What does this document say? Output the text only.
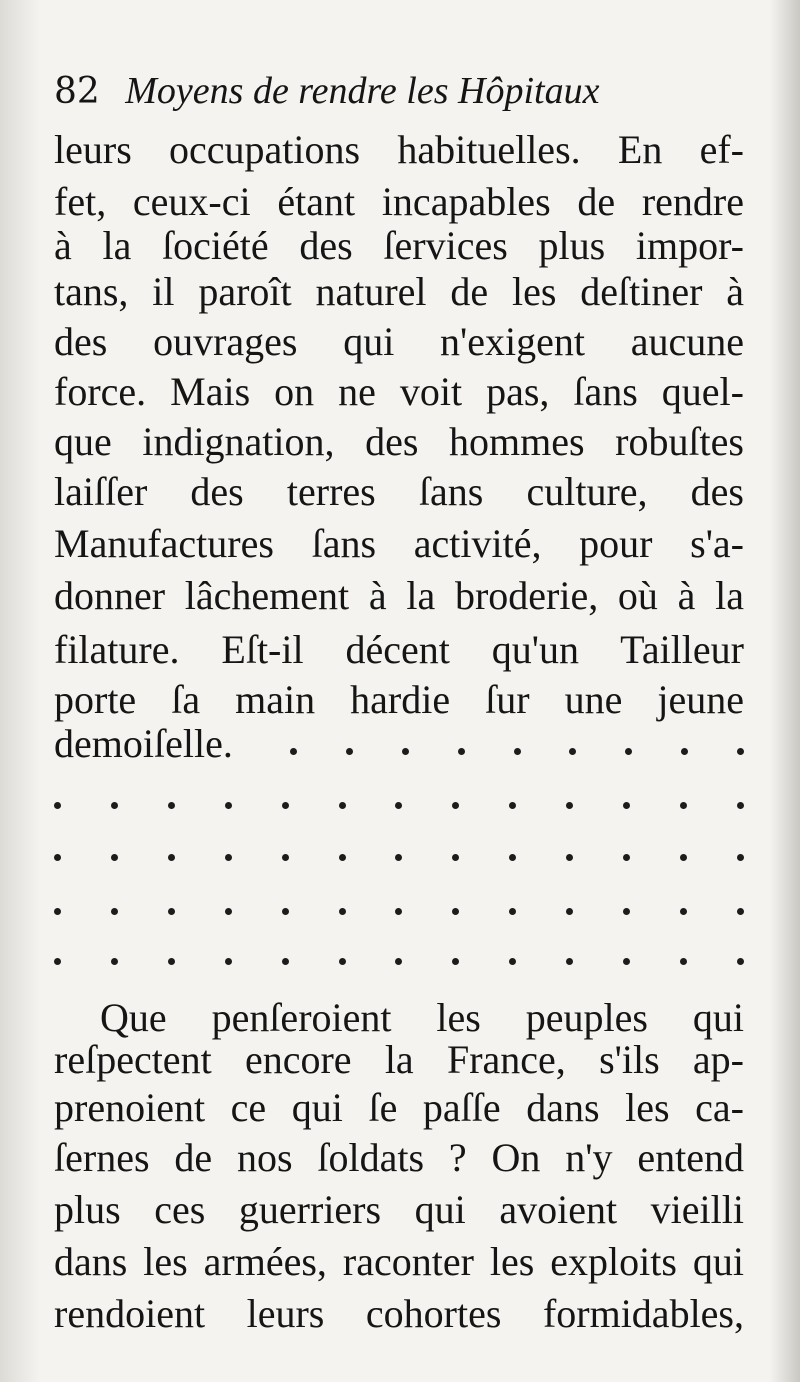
82 Moyens de rendre les Hôpitaux
leurs occupations habituelles. En ef-
fet, ceux-ci étant incapables de rendre
à la ſociété des ſervices plus impor-
tans, il paroît naturel de les deſtiner à
des ouvrages qui n'exigent aucune
force. Mais on ne voit pas, ſans quel-
que indignation, des hommes robuſtes
laiſſer des terres ſans culture, des
Manufactures ſans activité, pour s'a-
donner lâchement à la broderie, où à la
filature. Eſt-il décent qu'un Tailleur
porte ſa main hardie ſur une jeune
demoiſelle.
Que penſeroient les peuples qui
reſpectent encore la France, s'ils ap-
prenoient ce qui ſe paſſe dans les ca-
ſernes de nos ſoldats ? On n'y entend
plus ces guerriers qui avoient vieilli
dans les armées, raconter les exploits qui
rendoient leurs cohortes formidables,
